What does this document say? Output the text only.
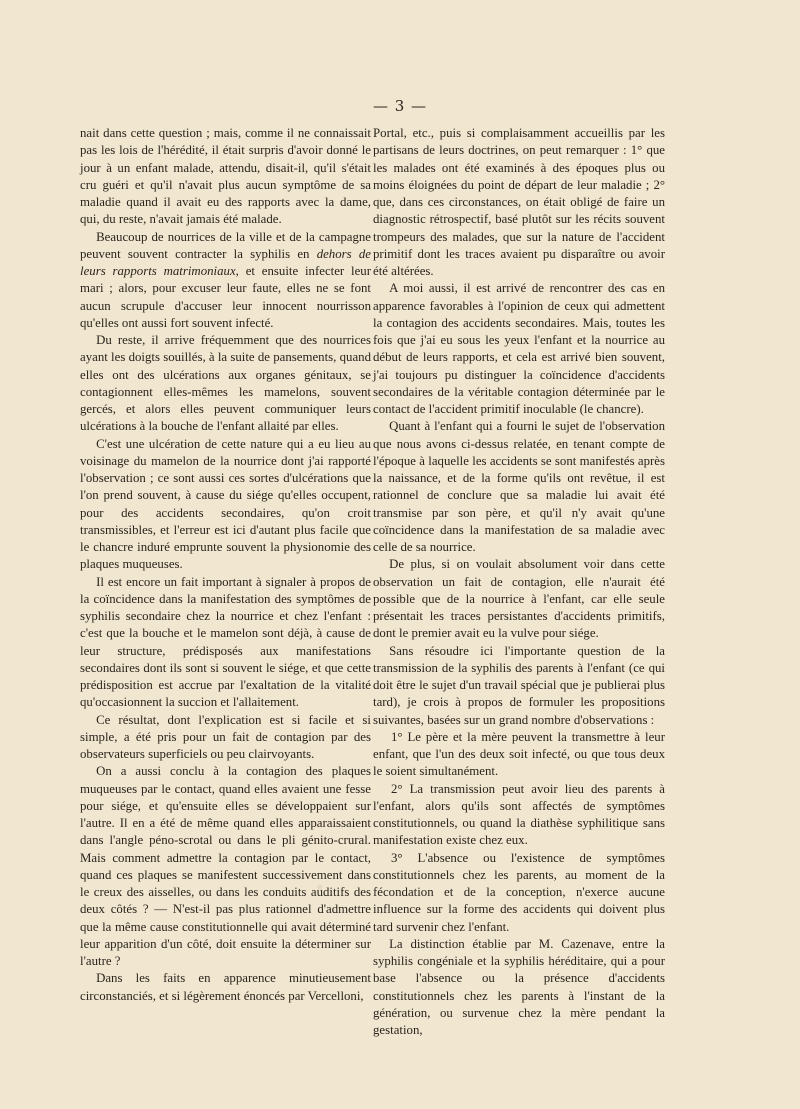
— 3 —

nait dans cette question ; mais, comme il ne connaissait pas les lois de l'hérédité, il était surpris d'avoir donné le jour à un enfant malade, attendu, disait-il, qu'il s'était cru guéri et qu'il n'avait plus aucun symptôme de sa maladie quand il avait eu des rapports avec la dame, qui, du reste, n'avait jamais été malade.

Beaucoup de nourrices de la ville et de la campagne peuvent souvent contracter la syphilis en dehors de leurs rapports matrimoniaux, et ensuite infecter leur mari ; alors, pour excuser leur faute, elles ne se font aucun scrupule d'accuser leur innocent nourrisson qu'elles ont aussi fort souvent infecté.

Du reste, il arrive fréquemment que des nourrices ayant les doigts souillés, à la suite de pansements, quand elles ont des ulcérations aux organes génitaux, se contagionnent elles-mêmes les mamelons, souvent gercés, et alors elles peuvent communiquer leurs ulcérations à la bouche de l'enfant allaité par elles.

C'est une ulcération de cette nature qui a eu lieu au voisinage du mamelon de la nourrice dont j'ai rapporté l'observation ; ce sont aussi ces sortes d'ulcérations que l'on prend souvent, à cause du siége qu'elles occupent, pour des accidents secondaires, qu'on croit transmissibles, et l'erreur est ici d'autant plus facile que le chancre induré emprunte souvent la physionomie des plaques muqueuses.

Il est encore un fait important à signaler à propos de la coïncidence dans la manifestation des symptômes de syphilis secondaire chez la nourrice et chez l'enfant : c'est que la bouche et le mamelon sont déjà, à cause de leur structure, prédisposés aux manifestations secondaires dont ils sont si souvent le siége, et que cette prédisposition est accrue par l'exaltation de la vitalité qu'occasionnent la succion et l'allaitement.

Ce résultat, dont l'explication est si facile et si simple, a été pris pour un fait de contagion par des observateurs superficiels ou peu clairvoyants.

On a aussi conclu à la contagion des plaques muqueuses par le contact, quand elles avaient une fesse pour siége, et qu'ensuite elles se développaient sur l'autre. Il en a été de même quand elles apparaissaient dans l'angle péno-scrotal ou dans le pli génito-crural. Mais comment admettre la contagion par le contact, quand ces plaques se manifestent successivement dans le creux des aisselles, ou dans les conduits auditifs des deux côtés ? — N'est-il pas plus rationnel d'admettre que la même cause constitutionnelle qui avait déterminé leur apparition d'un côté, doit ensuite la déterminer sur l'autre ?

Dans les faits en apparence minutieusement circonstanciés, et si légèrement énoncés par Vercelloni,

Portal, etc., puis si complaisamment accueillis par les partisans de leurs doctrines, on peut remarquer : 1° que les malades ont été examinés à des époques plus ou moins éloignées du point de départ de leur maladie ; 2° que, dans ces circonstances, on était obligé de faire un diagnostic rétrospectif, basé plutôt sur les récits souvent trompeurs des malades, que sur la nature de l'accident primitif dont les traces avaient pu disparaître ou avoir été altérées.

A moi aussi, il est arrivé de rencontrer des cas en apparence favorables à l'opinion de ceux qui admettent la contagion des accidents secondaires. Mais, toutes les fois que j'ai eu sous les yeux l'enfant et la nourrice au début de leurs rapports, et cela est arrivé bien souvent, j'ai toujours pu distinguer la coïncidence d'accidents secondaires de la véritable contagion déterminée par le contact de l'accident primitif inoculable (le chancre).

Quant à l'enfant qui a fourni le sujet de l'observation que nous avons ci-dessus relatée, en tenant compte de l'époque à laquelle les accidents se sont manifestés après la naissance, et de la forme qu'ils ont revêtue, il est rationnel de conclure que sa maladie lui avait été transmise par son père, et qu'il n'y avait qu'une coïncidence dans la manifestation de sa maladie avec celle de sa nourrice.

De plus, si on voulait absolument voir dans cette observation un fait de contagion, elle n'aurait été possible que de la nourrice à l'enfant, car elle seule présentait les traces persistantes d'accidents primitifs, dont le premier avait eu la vulve pour siége.

Sans résoudre ici l'importante question de la transmission de la syphilis des parents à l'enfant (ce qui doit être le sujet d'un travail spécial que je publierai plus tard), je crois à propos de formuler les propositions suivantes, basées sur un grand nombre d'observations :

1° Le père et la mère peuvent la transmettre à leur enfant, que l'un des deux soit infecté, ou que tous deux le soient simultanément.

2° La transmission peut avoir lieu des parents à l'enfant, alors qu'ils sont affectés de symptômes constitutionnels, ou quand la diathèse syphilitique sans manifestation existe chez eux.

3° L'absence ou l'existence de symptômes constitutionnels chez les parents, au moment de la fécondation et de la conception, n'exerce aucune influence sur la forme des accidents qui doivent plus tard survenir chez l'enfant.

La distinction établie par M. Cazenave, entre la syphilis congéniale et la syphilis héréditaire, qui a pour base l'absence ou la présence d'accidents constitutionnels chez les parents à l'instant de la génération, ou survenue chez la mère pendant la gestation,
